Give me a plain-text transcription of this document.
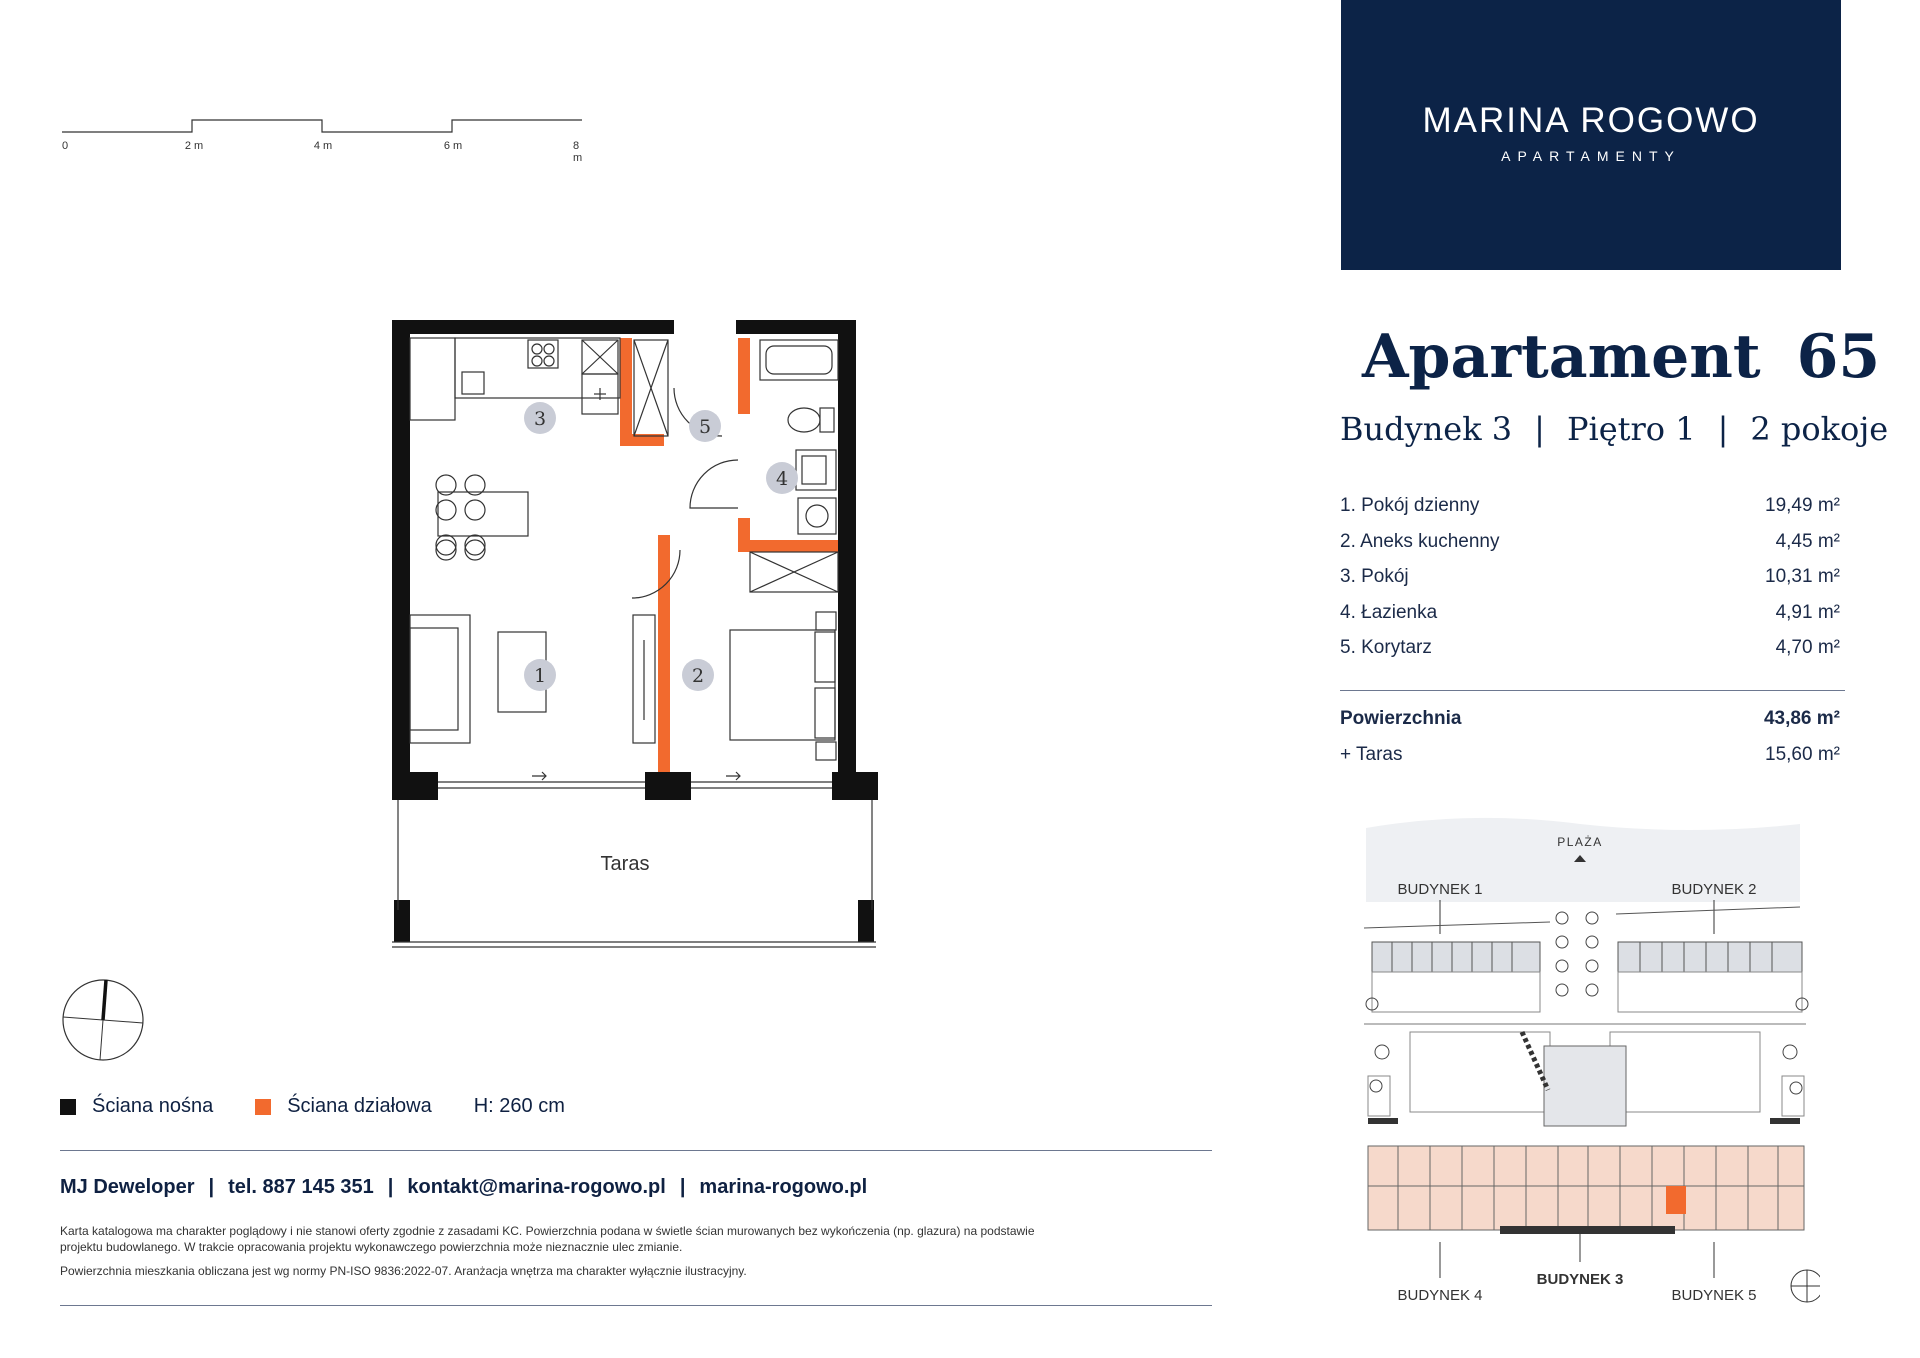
0	2 m	4 m	6 m	8 m
1	2
3
4
5
Taras
MARINA ROGOWO
APARTAMENTY
Apartament 65
Budynek 3 | Piętro 1 | 2 pokoje
1. Pokój dzienny	19,49 m²
2. Aneks kuchenny	4,45 m²
3. Pokój	10,31 m²
4. Łazienka	4,91 m²
5. Korytarz	4,70 m²
Powierzchnia	43,86 m²
+ Taras	15,60 m²
PLAŻA
BUDYNEK 1	BUDYNEK 2
BUDYNEK 3
BUDYNEK 4	BUDYNEK 5
Ściana nośna	Ściana działowa H: 260 cm
MJ Deweloper | tel. 887 145 351 | kontakt@marina-rogowo.pl | marina-rogowo.pl
Karta katalogowa ma charakter poglądowy i nie stanowi oferty zgodnie z zasadami KC. Powierzchnia podana w świetle ścian murowanych bez wykończenia (np. glazura) na podstawie
projektu budowlanego. W trakcie opracowania projektu wykonawczego powierzchnia może nieznacznie ulec zmianie.
Powierzchnia mieszkania obliczana jest wg normy PN-ISO 9836:2022-07. Aranżacja wnętrza ma charakter wyłącznie ilustracyjny.
